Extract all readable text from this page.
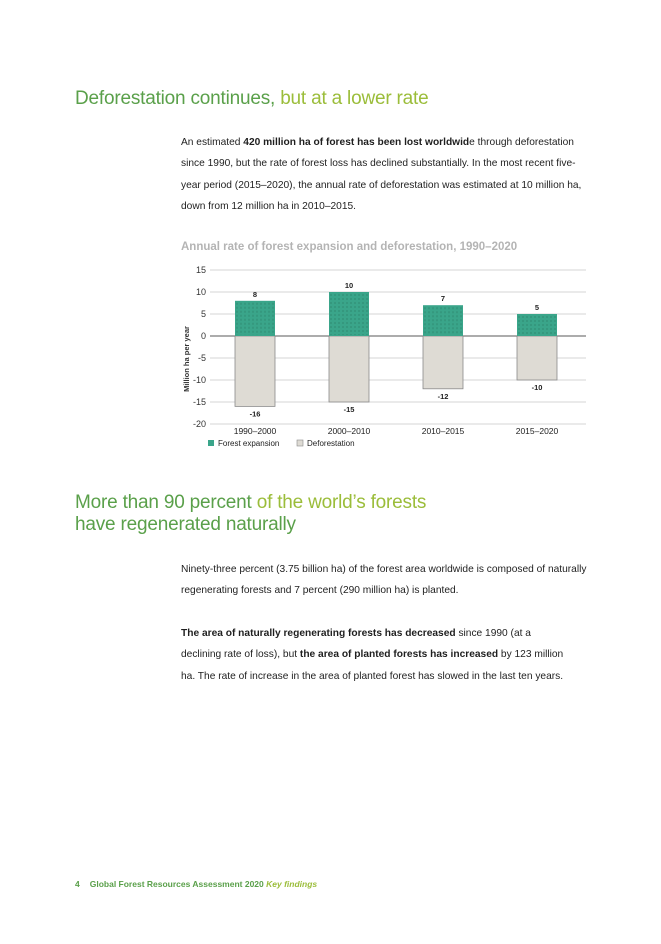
Deforestation continues, but at a lower rate

An estimated 420 million ha of forest has been lost worldwide through deforestation since 1990, but the rate of forest loss has declined substantially. In the most recent five-year period (2015–2020), the annual rate of deforestation was estimated at 10 million ha, down from 12 million ha in 2010–2015.

Annual rate of forest expansion and deforestation, 1990–2020
15
10
5
0
-5
-10
-15
-20
Million ha per year
-16
8
1990–2000
-15
10
2000–2010
-12
7
2010–2015
-10
5
2015–2020
Forest expansion	Deforestation
More than 90 percent of the world’s forests
have regenerated naturally

Ninety-three percent (3.75 billion ha) of the forest area worldwide is composed of naturally regenerating forests and 7 percent (290 million ha) is planted.

The area of naturally regenerating forests has decreased since 1990 (at a declining rate of loss), but the area of planted forests has increased by 123 million ha. The rate of increase in the area of planted forest has slowed in the last ten years.

4 Global Forest Resources Assessment 2020 Key findings
